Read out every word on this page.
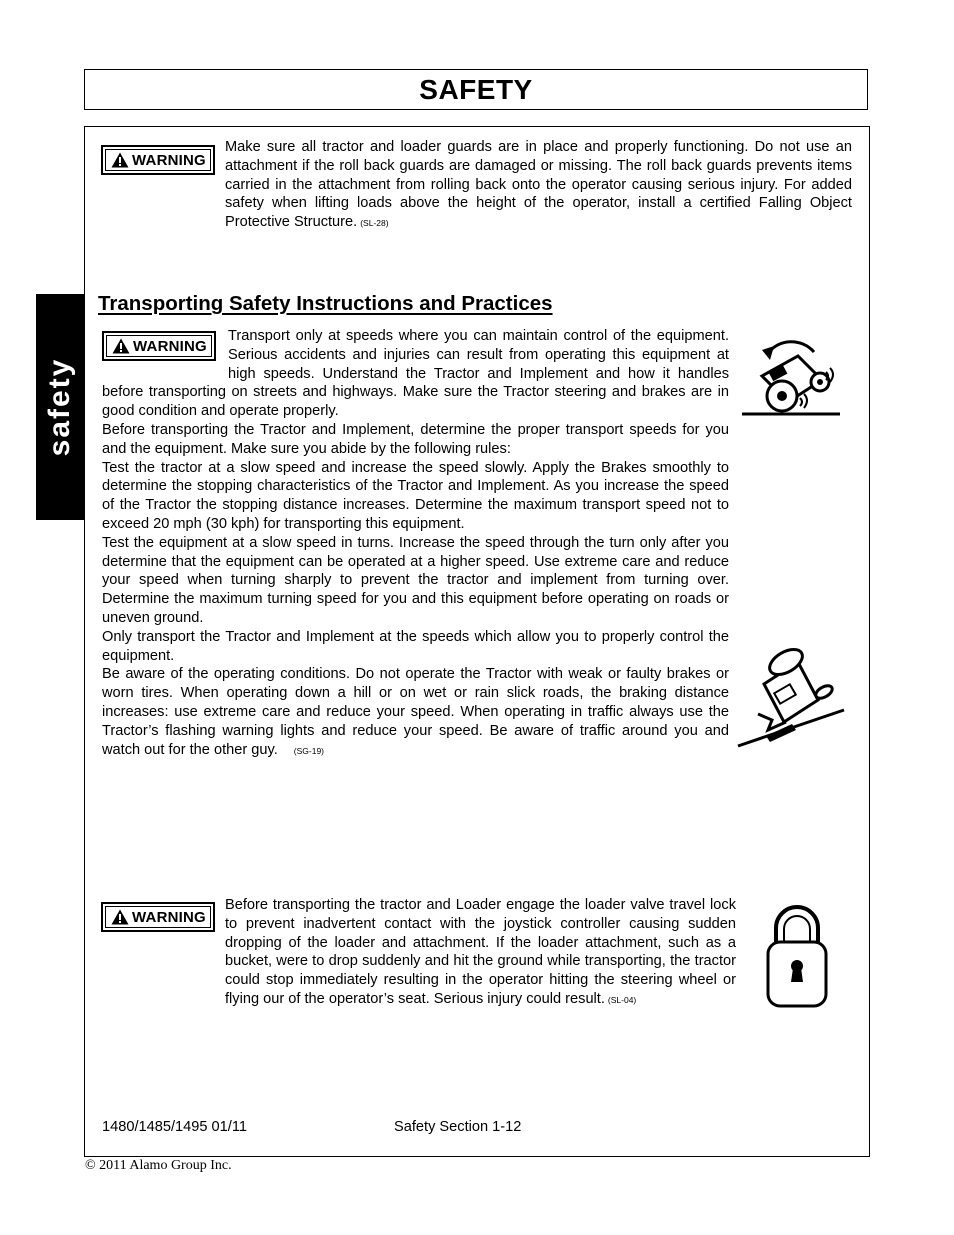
SAFETY
safety
WARNING

Make sure all tractor and loader guards are in place and properly functioning. Do not use an attachment if the roll back guards are damaged or missing. The roll back guards prevents items carried in the attachment from rolling back onto the operator causing serious injury. For added safety when lifting loads above the height of the operator, install a certified Falling Object Protective Structure. (SL-28)

Transporting Safety Instructions and Practices
WARNING

Transport only at speeds where you can maintain control of the equipment. Serious accidents and injuries can result from operating this equipment at high speeds. Understand the Tractor and Implement and how it handles before transporting on streets and highways. Make sure the Tractor steering and brakes are in good condition and operate properly.

Before transporting the Tractor and Implement, determine the proper transport speeds for you and the equipment. Make sure you abide by the following rules:

Test the tractor at a slow speed and increase the speed slowly. Apply the Brakes smoothly to determine the stopping characteristics of the Tractor and Implement. As you increase the speed of the Tractor the stopping distance increases. Determine the maximum transport speed not to exceed 20 mph (30 kph) for transporting this equipment.

Test the equipment at a slow speed in turns. Increase the speed through the turn only after you determine that the equipment can be operated at a higher speed. Use extreme care and reduce your speed when turning sharply to prevent the tractor and implement from turning over. Determine the maximum turning speed for you and this equipment before operating on roads or uneven ground.

Only transport the Tractor and Implement at the speeds which allow you to properly control the equipment.

Be aware of the operating conditions. Do not operate the Tractor with weak or faulty brakes or worn tires. When operating down a hill or on wet or rain slick roads, the braking distance increases: use extreme care and reduce your speed. When operating in traffic always use the Tractor’s flashing warning lights and reduce your speed. Be aware of traffic around you and watch out for the other guy. (SG-19)

WARNING

Before transporting the tractor and Loader engage the loader valve travel lock to prevent inadvertent contact with the joystick controller causing sudden dropping of the loader and attachment. If the loader attachment, such as a bucket, were to drop suddenly and hit the ground while transporting, the tractor could stop immediately resulting in the operator hitting the steering wheel or flying our of the operator’s seat. Serious injury could result. (SL-04)

1480/1485/1495 01/11	Safety Section 1-12
© 2011 Alamo Group Inc.
